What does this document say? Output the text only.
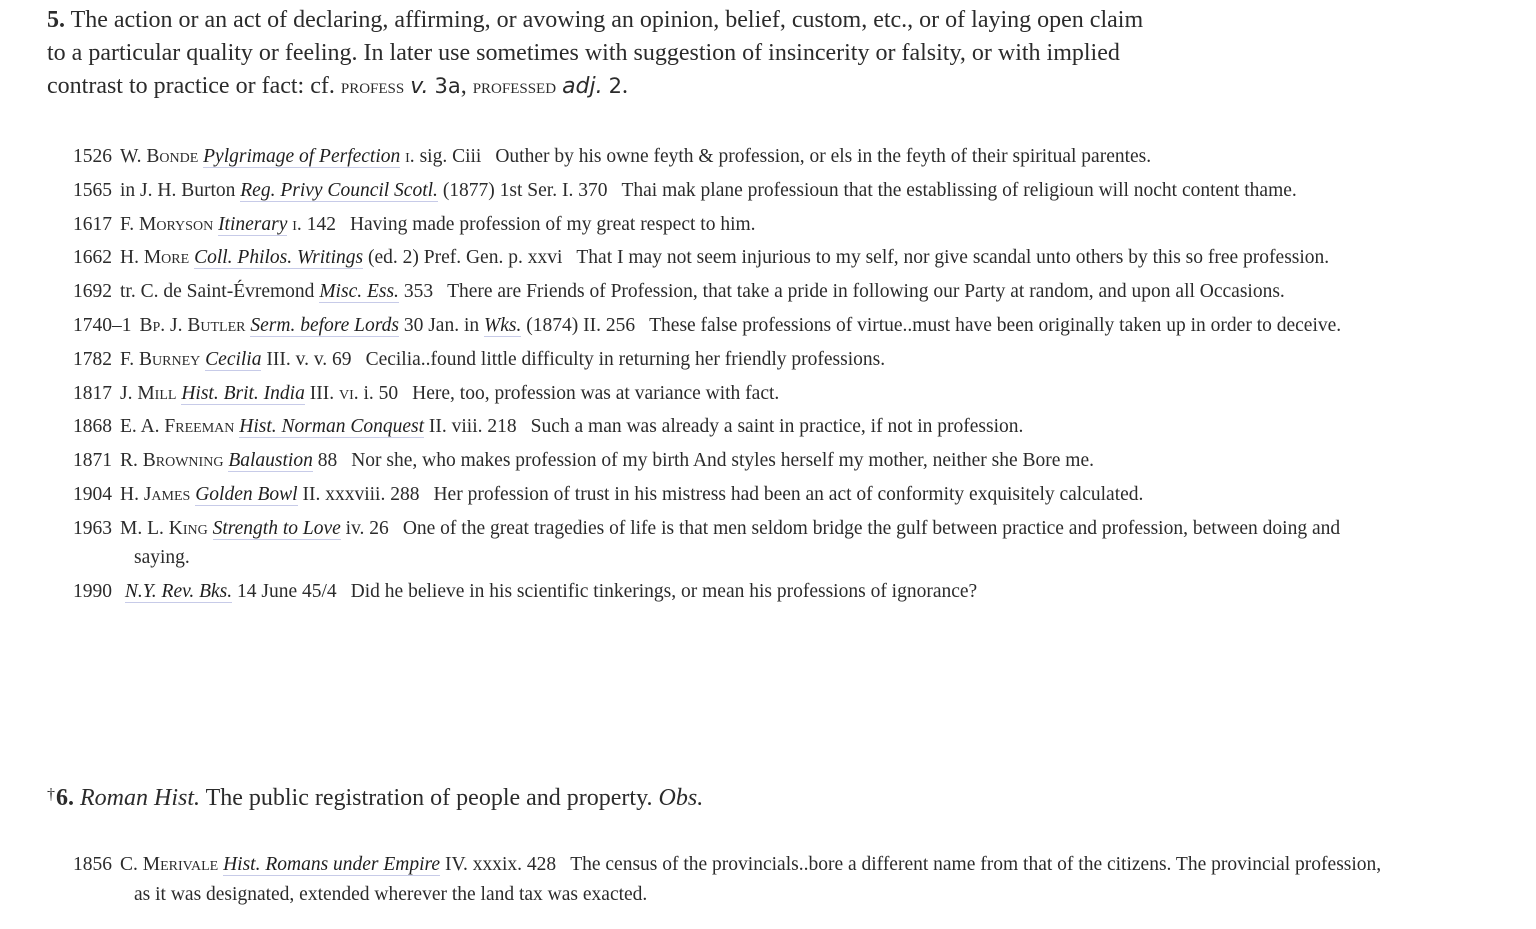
5. The action or an act of declaring, affirming, or avowing an opinion, belief, custom, etc., or of laying open claim to a particular quality or feeling. In later use sometimes with suggestion of insincerity or falsity, or with implied contrast to practice or fact: cf. profess v. 3a, professed adj. 2.
1526 W. Bonde Pylgrimage of Perfection i. sig. Ciii Outher by his owne feyth & profession, or els in the feyth of their spiritual parentes.
1565 in J. H. Burton Reg. Privy Council Scotl. (1877) 1st Ser. I. 370 Thai mak plane professioun that the establissing of religioun will nocht content thame.
1617 F. Moryson Itinerary i. 142 Having made profession of my great respect to him.
1662 H. More Coll. Philos. Writings (ed. 2) Pref. Gen. p. xxvi That I may not seem injurious to my self, nor give scandal unto others by this so free profession.
1692 tr. C. de Saint-Évremond Misc. Ess. 353 There are Friends of Profession, that take a pride in following our Party at random, and upon all Occasions.
1740–1 Bp. J. Butler Serm. before Lords 30 Jan. in Wks. (1874) II. 256 These false professions of virtue..must have been originally taken up in order to deceive.
1782 F. Burney Cecilia III. v. v. 69 Cecilia..found little difficulty in returning her friendly professions.
1817 J. Mill Hist. Brit. India III. vi. i. 50 Here, too, profession was at variance with fact.
1868 E. A. Freeman Hist. Norman Conquest II. viii. 218 Such a man was already a saint in practice, if not in profession.
1871 R. Browning Balaustion 88 Nor she, who makes profession of my birth And styles herself my mother, neither she Bore me.
1904 H. James Golden Bowl II. xxxviii. 288 Her profession of trust in his mistress had been an act of conformity exquisitely calculated.
1963 M. L. King Strength to Love iv. 26 One of the great tragedies of life is that men seldom bridge the gulf between practice and profession, between doing and saying.
1990 N.Y. Rev. Bks. 14 June 45/4 Did he believe in his scientific tinkerings, or mean his professions of ignorance?
†6. Roman Hist. The public registration of people and property. Obs.
1856 C. Merivale Hist. Romans under Empire IV. xxxix. 428 The census of the provincials..bore a different name from that of the citizens. The provincial profession, as it was designated, extended wherever the land tax was exacted.
